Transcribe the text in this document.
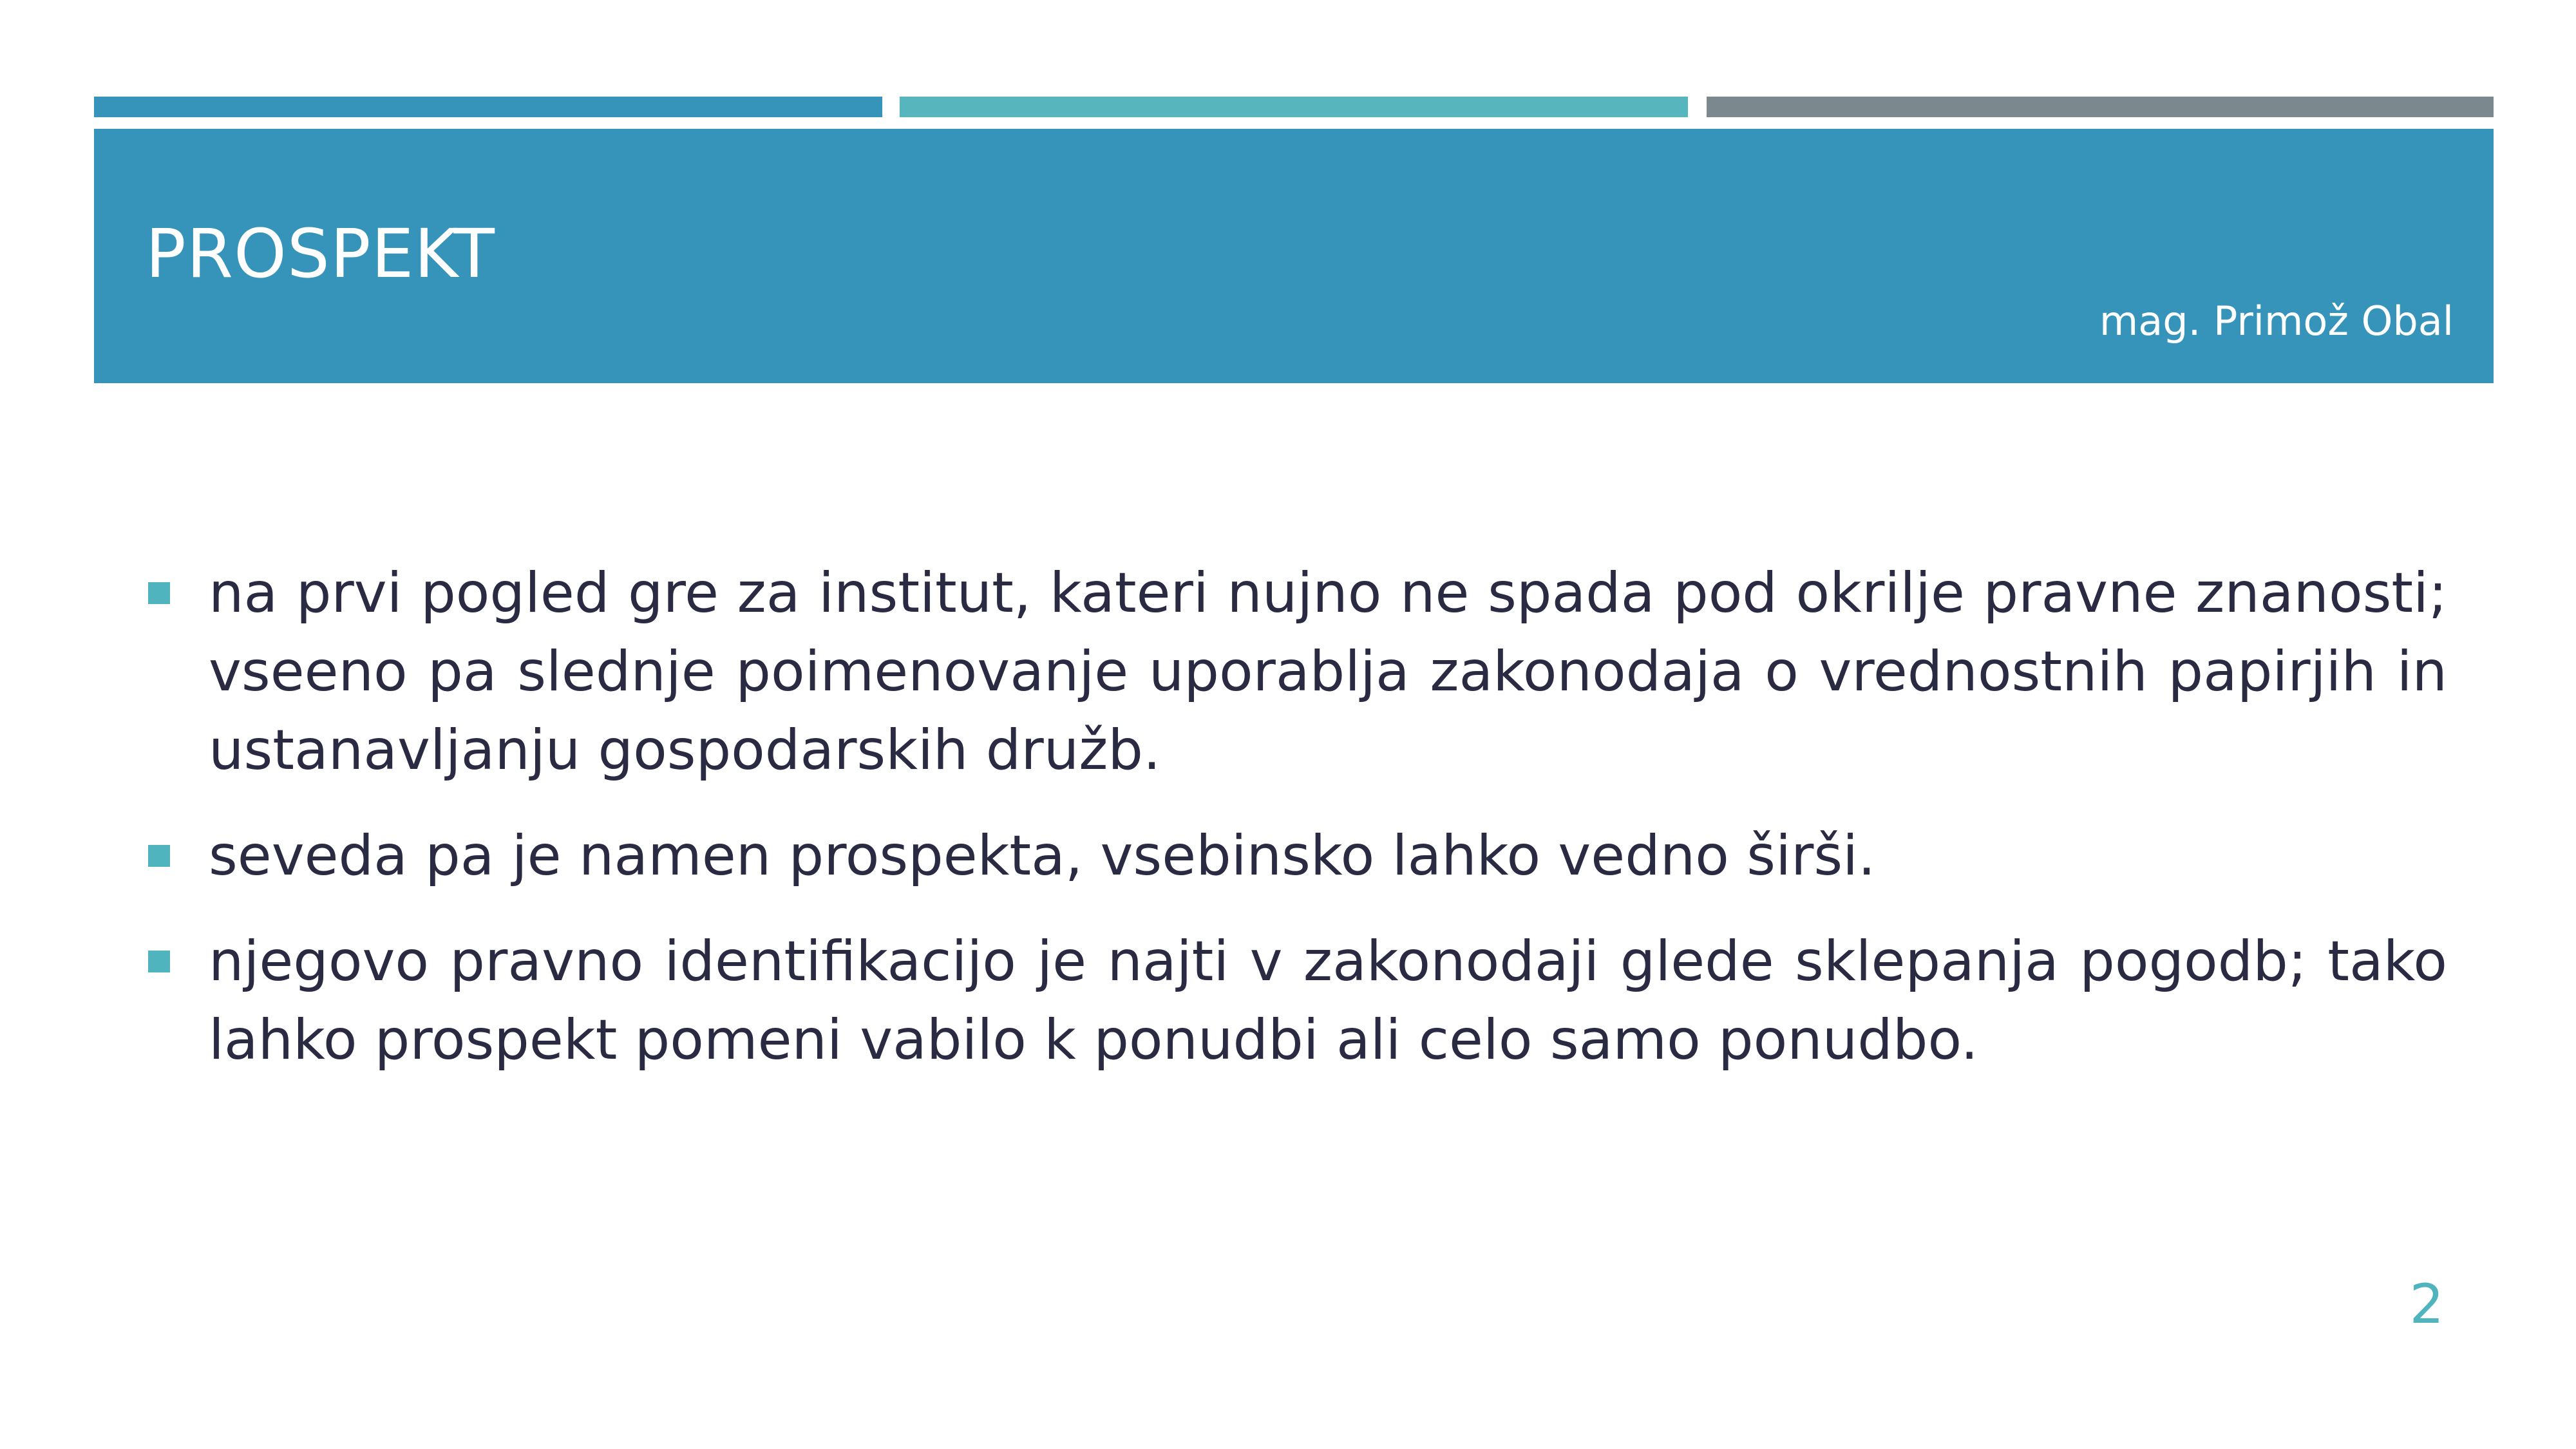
PROSPEKT
mag. Primož Obal
na prvi pogled gre za institut, kateri nujno ne spada pod okrilje pravne znanosti; vseeno pa slednje poimenovanje uporablja zakonodaja o vrednostnih papirjih in ustanavljanju gospodarskih družb.
seveda pa je namen prospekta, vsebinsko lahko vedno širši.
njegovo pravno identifikacijo je najti v zakonodaji glede sklepanja pogodb; tako lahko prospekt pomeni vabilo k ponudbi ali celo samo ponudbo.
2
